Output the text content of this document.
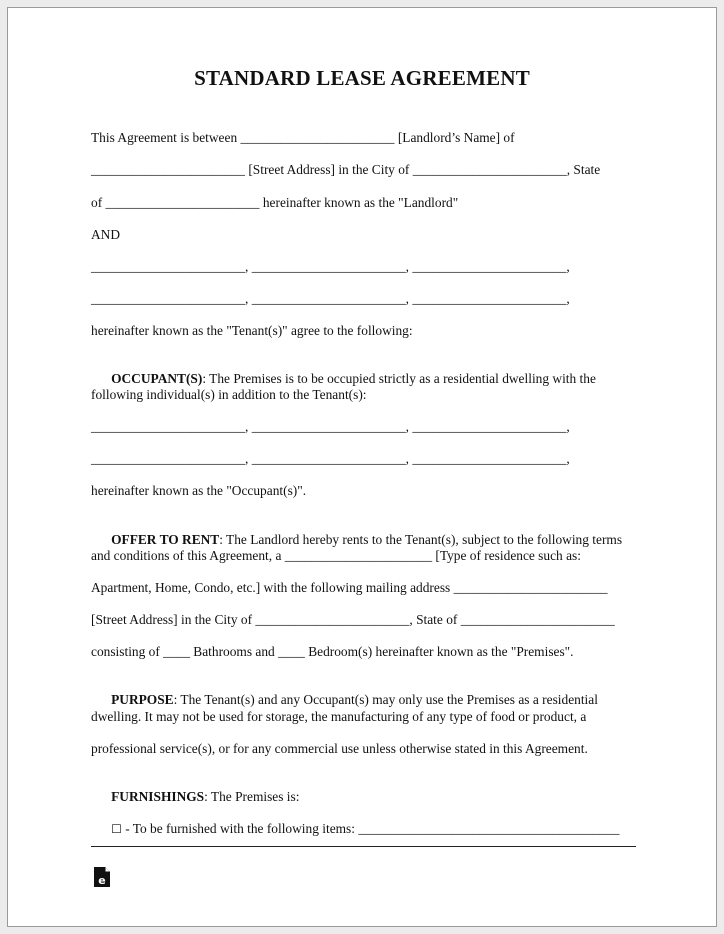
STANDARD LEASE AGREEMENT
This Agreement is between _______________________ [Landlord’s Name] of
_______________________ [Street Address] in the City of _______________________, State
of _______________________ hereinafter known as the "Landlord"
AND
_______________________, _______________________, _______________________,
_______________________, _______________________, _______________________,
hereinafter known as the "Tenant(s)" agree to the following:

OCCUPANT(S): The Premises is to be occupied strictly as a residential dwelling with the

following individual(s) in addition to the Tenant(s):
_______________________, _______________________, _______________________,
_______________________, _______________________, _______________________,
hereinafter known as the "Occupant(s)".

OFFER TO RENT: The Landlord hereby rents to the Tenant(s), subject to the following terms

and conditions of this Agreement, a ______________________ [Type of residence such as:
Apartment, Home, Condo, etc.] with the following mailing address _______________________
[Street Address] in the City of _______________________, State of _______________________
consisting of ____ Bathrooms and ____ Bedroom(s) hereinafter known as the "Premises".

PURPOSE: The Tenant(s) and any Occupant(s) may only use the Premises as a residential

dwelling. It may not be used for storage, the manufacturing of any type of food or product, a
professional service(s), or for any commercial use unless otherwise stated in this Agreement.

FURNISHINGS: The Premises is:

☐ - To be furnished with the following items: _______________________________________

e
